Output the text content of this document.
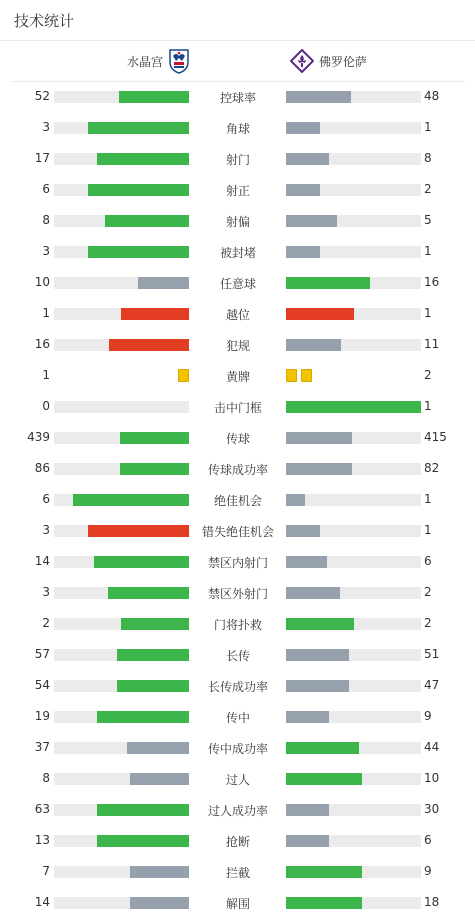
技术统计
水晶宫	佛罗伦萨
52	控球率	48
3	角球	1
17	射门	8
6	射正	2
8	射偏	5
3	被封堵	1
10	任意球	16
1	越位	1
16	犯规	11
1	黄牌	2
0	击中门框	1
439	传球	415
86	传球成功率	82
6	绝佳机会	1
3	错失绝佳机会	1
14	禁区内射门	6
3	禁区外射门	2
2	门将扑救	2
57	长传	51
54	长传成功率	47
19	传中	9
37	传中成功率	44
8	过人	10
63	过人成功率	30
13	抢断	6
7	拦截	9
14	解围	18
